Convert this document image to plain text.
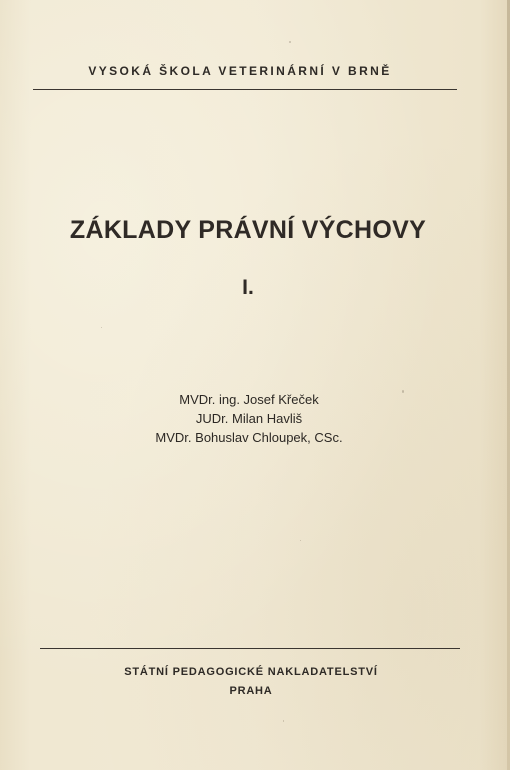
VYSOKÁ ŠKOLA VETERINÁRNÍ V BRNĚ
ZÁKLADY PRÁVNÍ VÝCHOVY
I.
MVDr. ing. Josef Křeček
JUDr. Milan Havliš
MVDr. Bohuslav Chloupek, CSc.
STÁTNÍ PEDAGOGICKÉ NAKLADATELSTVÍ
PRAHA
